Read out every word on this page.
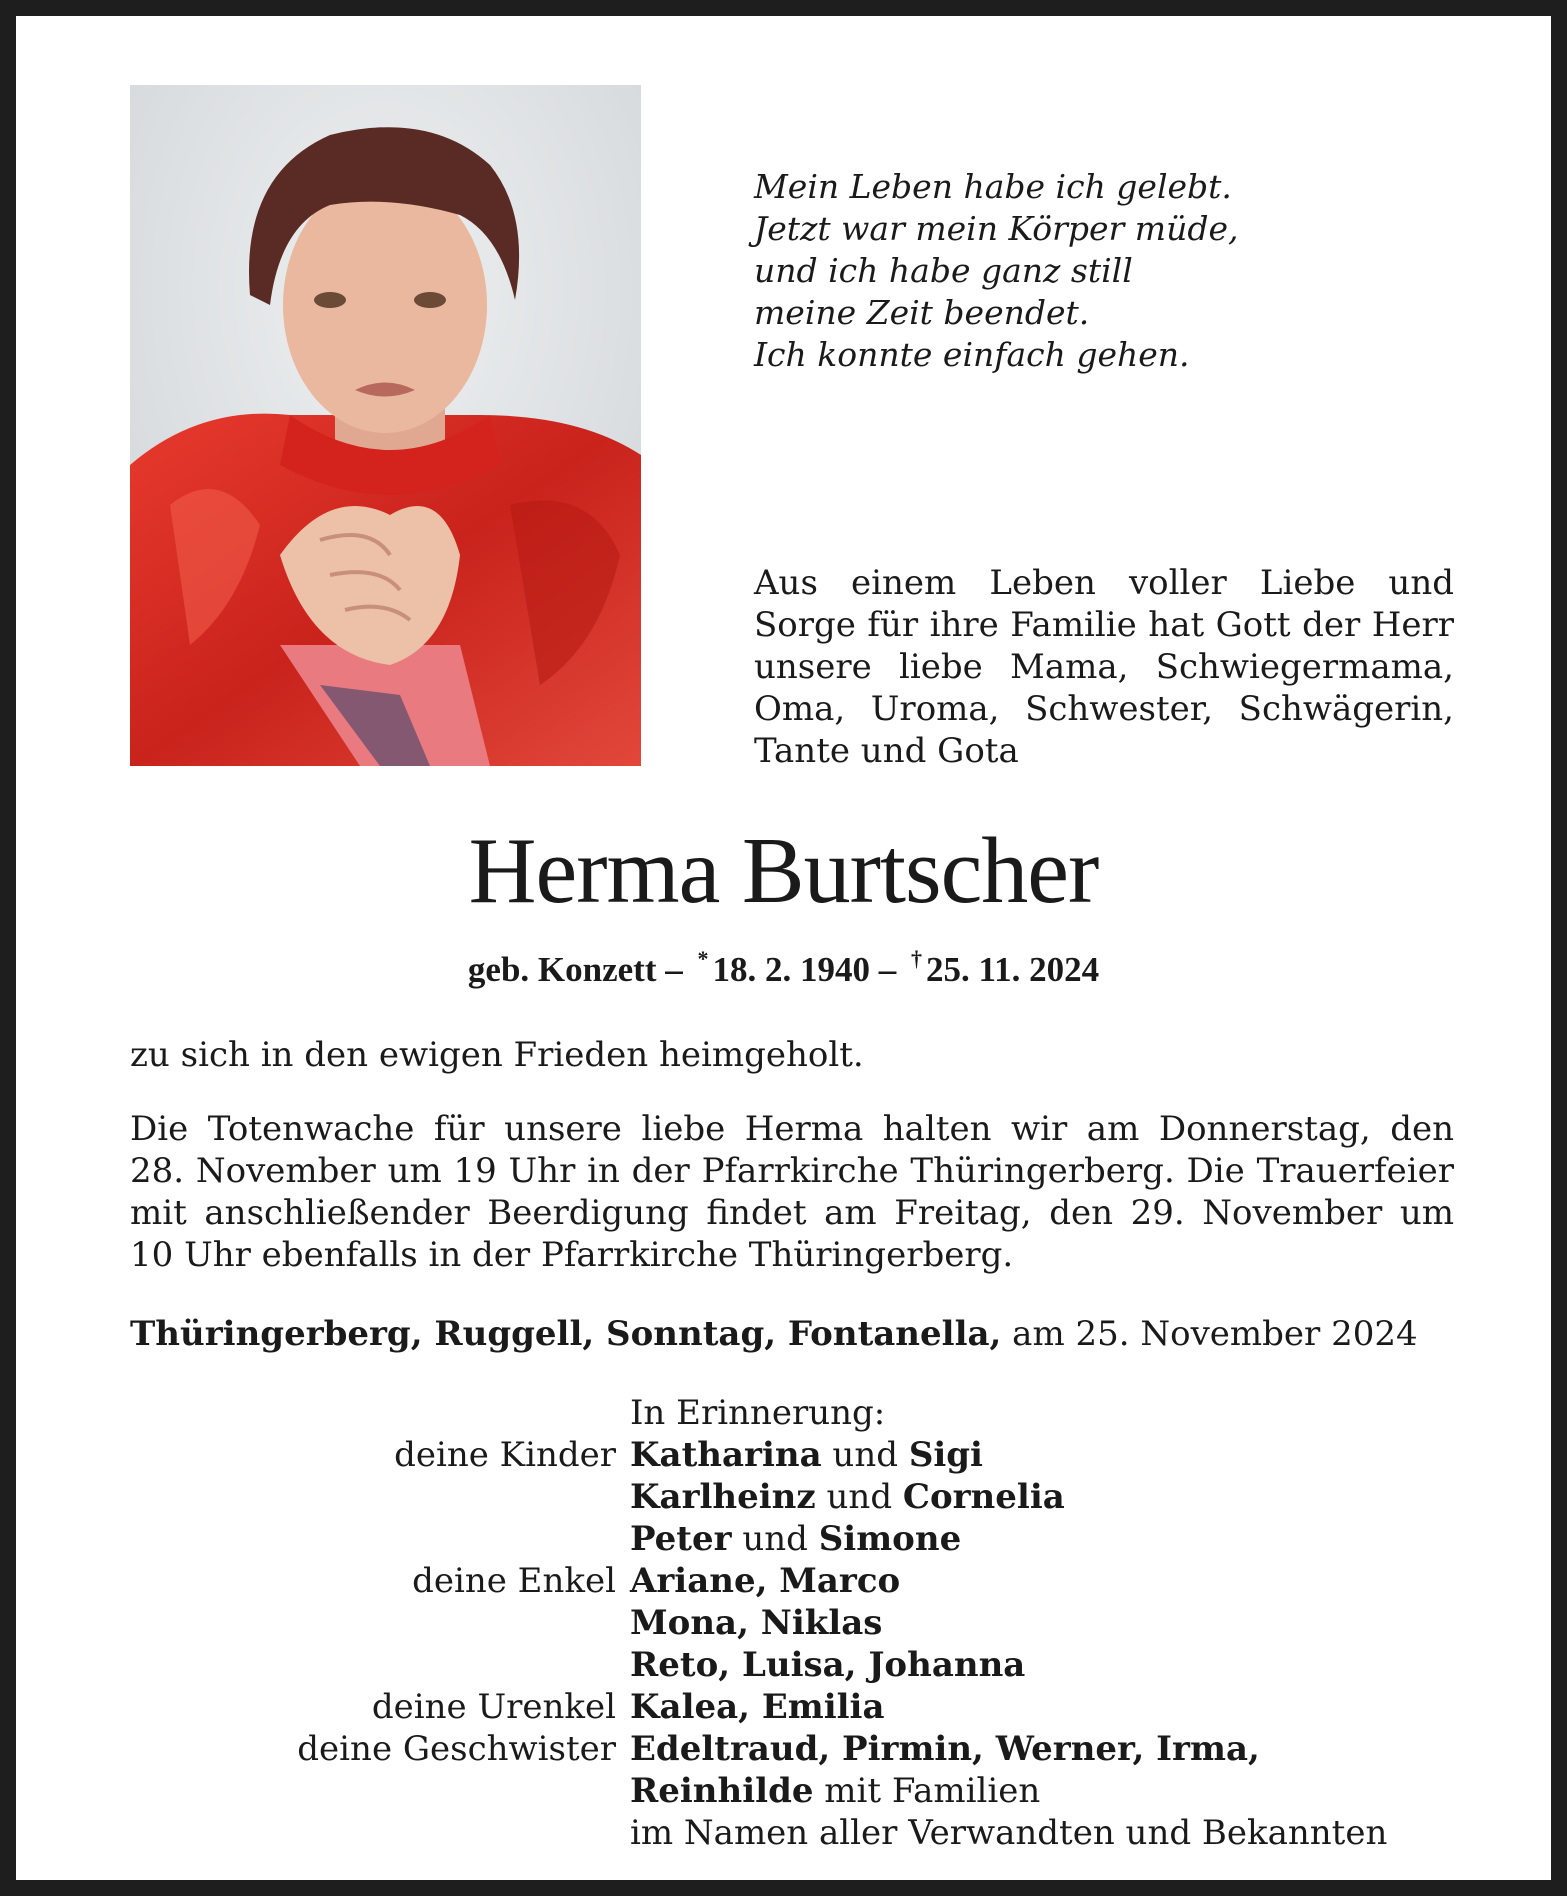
Mein Leben habe ich gelebt.

Jetzt war mein Körper müde,

und ich habe ganz still

meine Zeit beendet.

Ich konnte einfach gehen.

Aus einem Leben voller Liebe und

Sorge für ihre Familie hat Gott der Herr

unsere liebe Mama, Schwiegermama,

Oma, Uroma, Schwester, Schwägerin,

Tante und Gota

Herma Burtscher
geb. Konzett – * 18. 2. 1940 – † 25. 11. 2024
zu sich in den ewigen Frieden heimgeholt.

Die Totenwache für unsere liebe Herma halten wir am Donnerstag, den

28. November um 19 Uhr in der Pfarrkirche Thüringerberg. Die Trauerfeier

mit anschließender Beerdigung findet am Freitag, den 29. November um

10 Uhr ebenfalls in der Pfarrkirche Thüringerberg.

Thüringerberg, Ruggell, Sonntag, Fontanella, am 25. November 2024
In Erinnerung:
deine Kinder Katharina und Sigi
Karlheinz und Cornelia
Peter und Simone
deine Enkel Ariane, Marco
Mona, Niklas
Reto, Luisa, Johanna
deine Urenkel Kalea, Emilia
deine Geschwister Edeltraud, Pirmin, Werner, Irma,
Reinhilde mit Familien
im Namen aller Verwandten und Bekannten
